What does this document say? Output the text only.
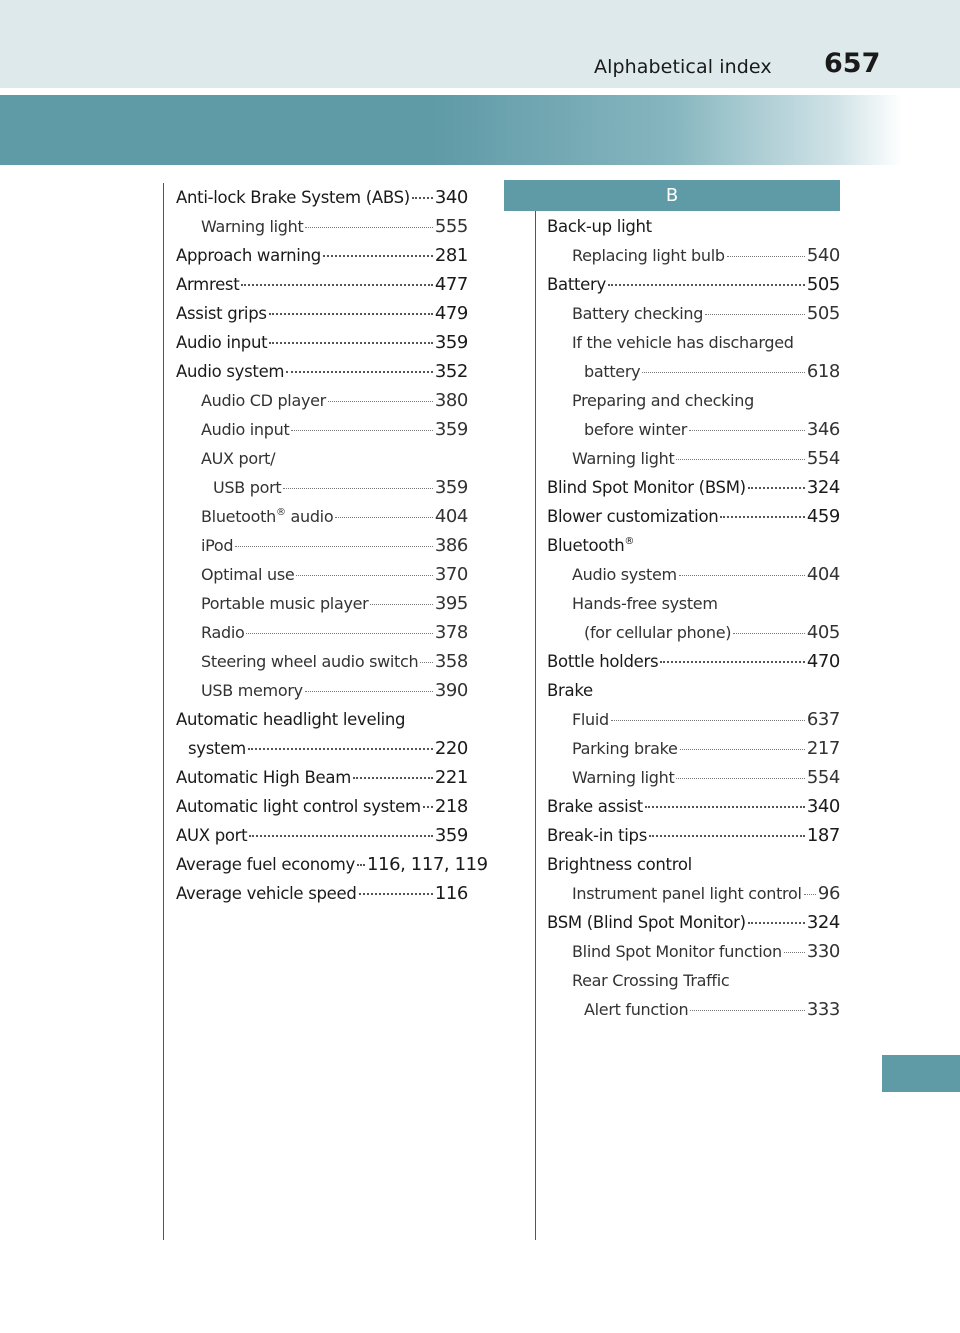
Alphabetical index 657
B
Anti-lock Brake System (ABS) 340
Warning light	555
Approach warning	281
Armrest	477
Assist grips	479
Audio input	359
Audio system	352
Audio CD player	380
Audio input	359
AUX port/
USB port	359
Bluetooth® audio	404
iPod	386
Optimal use	370
Portable music player	395
Radio	378
Steering wheel audio switch 358
USB memory	390
Automatic headlight leveling
system	220
Automatic High Beam	221
Automatic light control system 218
AUX port	359
Average fuel economy 116, 117, 119
Average vehicle speed	116
Back-up light
Replacing light bulb	540
Battery	505
Battery checking	505
If the vehicle has discharged
battery	618
Preparing and checking
before winter	346
Warning light	554
Blind Spot Monitor (BSM)	324
Blower customization	459
Bluetooth®
Audio system	404
Hands-free system
(for cellular phone)	405
Bottle holders	470
Brake
Fluid	637
Parking brake	217
Warning light	554
Brake assist	340
Break-in tips	187
Brightness control
Instrument panel light control 96
BSM (Blind Spot Monitor)	324
Blind Spot Monitor function 330
Rear Crossing Traffic
Alert function	333
